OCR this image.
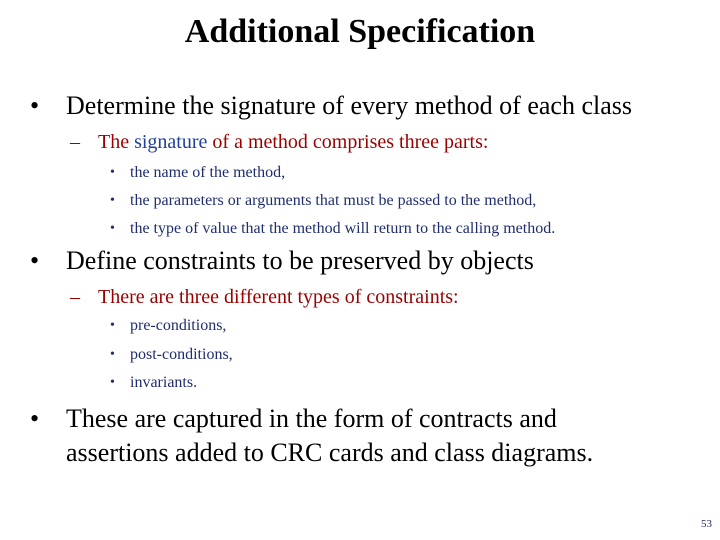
Additional Specification
• Determine the signature of every method of each class
– The signature of a method comprises three parts:
• the name of the method,
• the parameters or arguments that must be passed to the method,
• the type of value that the method will return to the calling method.
• Define constraints to be preserved by objects
– There are three different types of constraints:
• pre-conditions,
• post-conditions,
• invariants.
• These are captured in the form of contracts and
assertions added to CRC cards and class diagrams.
53
